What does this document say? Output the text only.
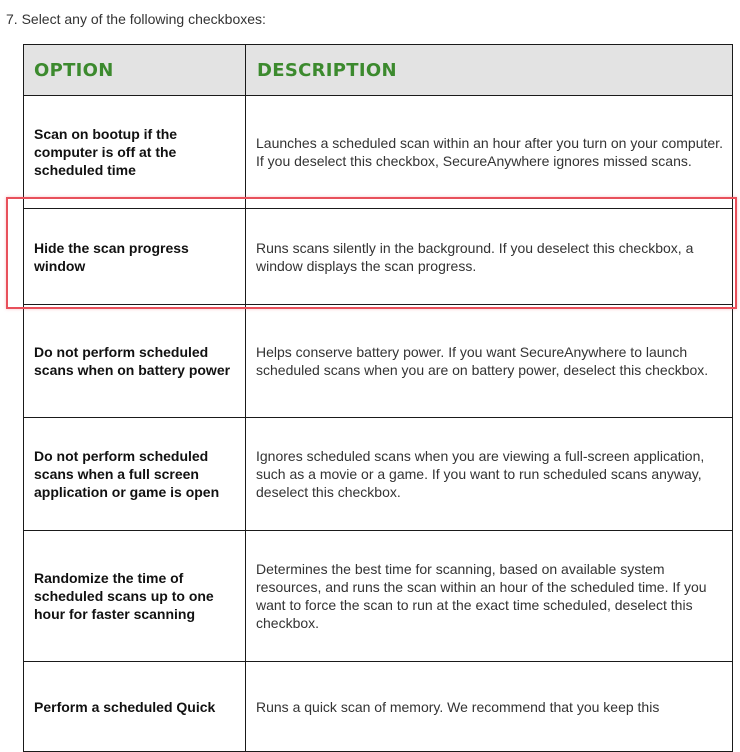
7. Select any of the following checkboxes:
OPTION	DESCRIPTION
Scan on bootup if the computer is off at the scheduled time	Launches a scheduled scan within an hour after you turn on your computer. If you deselect this checkbox, SecureAnywhere ignores missed scans.
Hide the scan progress window	Runs scans silently in the background. If you deselect this checkbox, a window displays the scan progress.
Do not perform scheduled scans when on battery power	Helps conserve battery power. If you want SecureAnywhere to launch scheduled scans when you are on battery power, deselect this checkbox.
Do not perform scheduled scans when a full screen application or game is open	Ignores scheduled scans when you are viewing a full-screen application, such as a movie or a game. If you want to run scheduled scans anyway, deselect this checkbox.
Randomize the time of scheduled scans up to one hour for faster scanning	Determines the best time for scanning, based on available system resources, and runs the scan within an hour of the scheduled time. If you want to force the scan to run at the exact time scheduled, deselect this checkbox.
Perform a scheduled Quick	Runs a quick scan of memory. We recommend that you keep this
